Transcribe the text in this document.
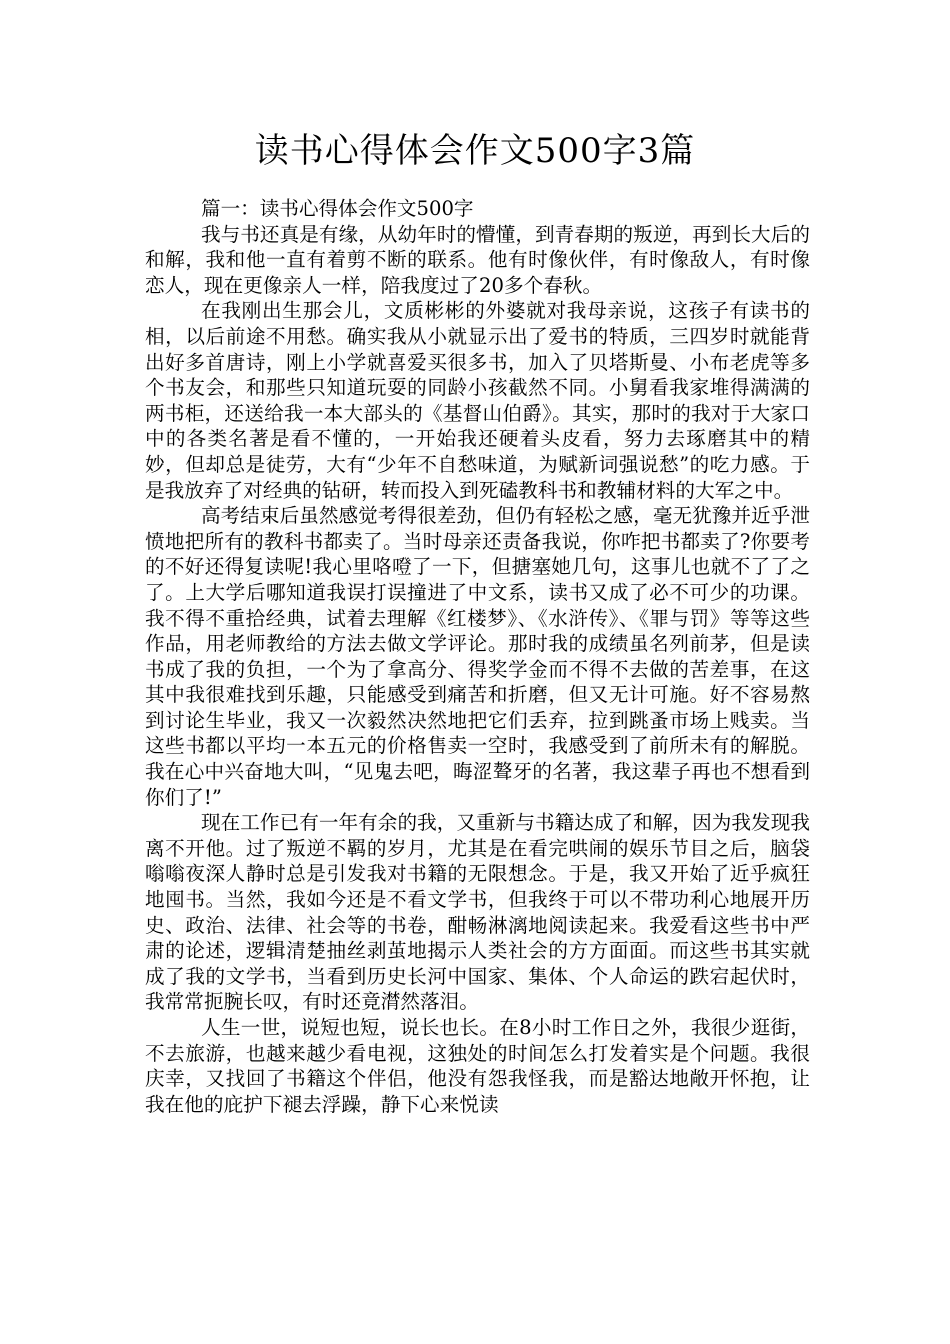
读书心得体会作文500字3篇

篇一：读书心得体会作文500字

我与书还真是有缘，从幼年时的懵懂，到青春期的叛逆，再到长大后的和解，我和他一直有着剪不断的联系。他有时像伙伴，有时像敌人，有时像恋人，现在更像亲人一样，陪我度过了20多个春秋。

在我刚出生那会儿，文质彬彬的外婆就对我母亲说，这孩子有读书的相，以后前途不用愁。确实我从小就显示出了爱书的特质，三四岁时就能背出好多首唐诗，刚上小学就喜爱买很多书，加入了贝塔斯曼、小布老虎等多个书友会，和那些只知道玩耍的同龄小孩截然不同。小舅看我家堆得满满的两书柜，还送给我一本大部头的《基督山伯爵》。其实，那时的我对于大家口中的各类名著是看不懂的，一开始我还硬着头皮看，努力去琢磨其中的精妙，但却总是徒劳，大有“少年不自愁味道，为赋新词强说愁”的吃力感。于是我放弃了对经典的钻研，转而投入到死磕教科书和教辅材料的大军之中。

高考结束后虽然感觉考得很差劲，但仍有轻松之感，毫无犹豫并近乎泄愤地把所有的教科书都卖了。当时母亲还责备我说，你咋把书都卖了?你要考的不好还得复读呢!我心里咯噔了一下，但搪塞她几句，这事儿也就不了了之了。上大学后哪知道我误打误撞进了中文系，读书又成了必不可少的功课。我不得不重拾经典，试着去理解《红楼梦》、《水浒传》、《罪与罚》等等这些作品，用老师教给的方法去做文学评论。那时我的成绩虽名列前茅，但是读书成了我的负担，一个为了拿高分、得奖学金而不得不去做的苦差事，在这其中我很难找到乐趣，只能感受到痛苦和折磨，但又无计可施。好不容易熬到讨论生毕业，我又一次毅然决然地把它们丢弃，拉到跳蚤市场上贱卖。当这些书都以平均一本五元的价格售卖一空时，我感受到了前所未有的解脱。我在心中兴奋地大叫，“见鬼去吧，晦涩聱牙的名著，我这辈子再也不想看到你们了!”

现在工作已有一年有余的我，又重新与书籍达成了和解，因为我发现我离不开他。过了叛逆不羁的岁月，尤其是在看完哄闹的娱乐节目之后，脑袋嗡嗡夜深人静时总是引发我对书籍的无限想念。于是，我又开始了近乎疯狂地囤书。当然，我如今还是不看文学书，但我终于可以不带功利心地展开历史、政治、法律、社会等的书卷，酣畅淋漓地阅读起来。我爱看这些书中严肃的论述，逻辑清楚抽丝剥茧地揭示人类社会的方方面面。而这些书其实就成了我的文学书，当看到历史长河中国家、集体、个人命运的跌宕起伏时，我常常扼腕长叹，有时还竟潸然落泪。

人生一世，说短也短，说长也长。在8小时工作日之外，我很少逛街，不去旅游，也越来越少看电视，这独处的时间怎么打发着实是个问题。我很庆幸，又找回了书籍这个伴侣，他没有怨我怪我，而是豁达地敞开怀抱，让我在他的庇护下褪去浮躁，静下心来悦读
